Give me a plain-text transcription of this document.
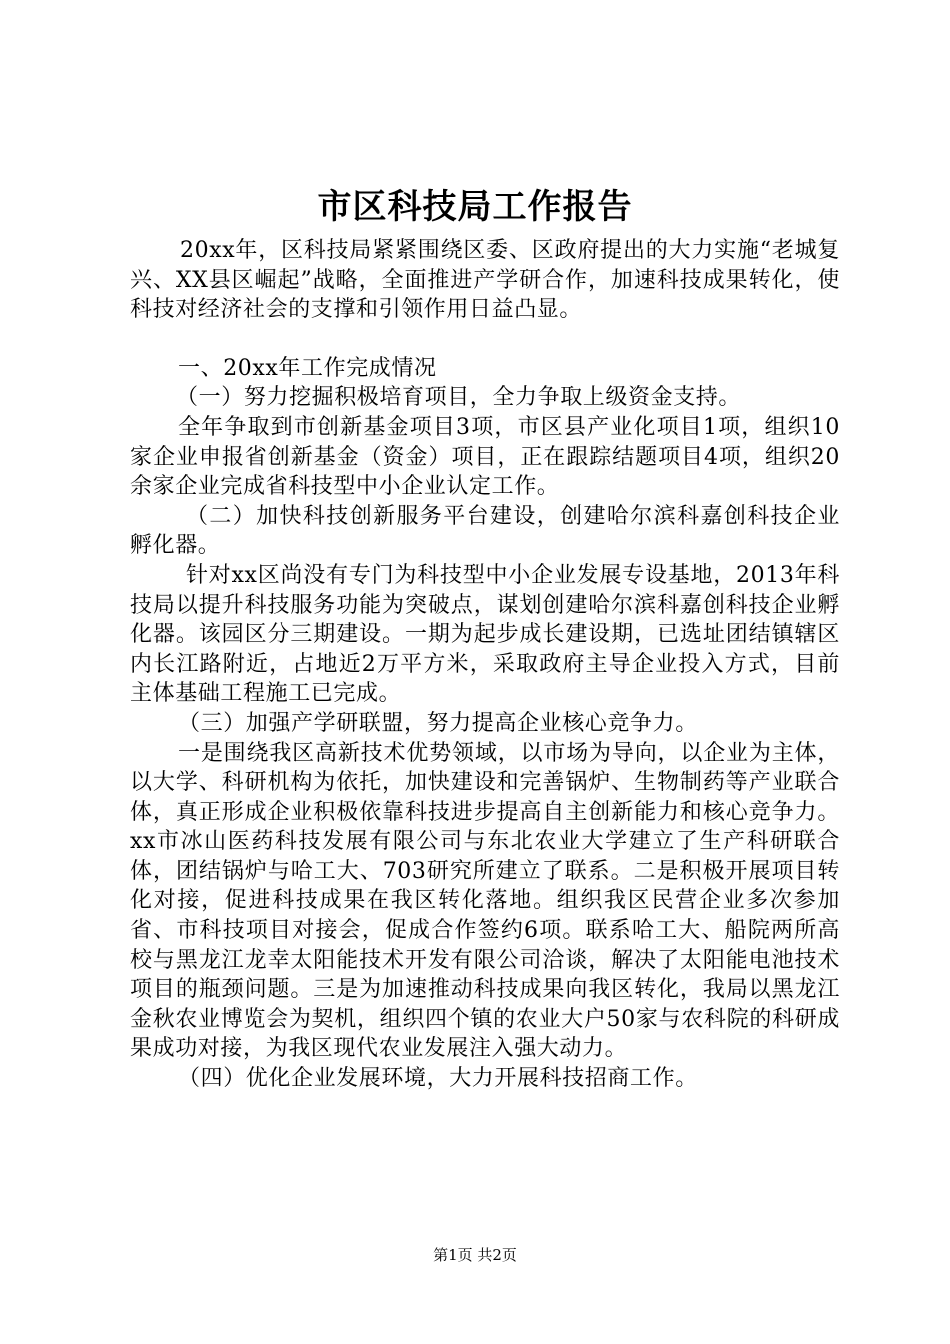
市区科技局工作报告

20xx年，区科技局紧紧围绕区委、区政府提出的大力实施“老城复兴、XX县区崛起”战略，全面推进产学研合作，加速科技成果转化，使科技对经济社会的支撑和引领作用日益凸显。

一、20xx年工作完成情况

（一）努力挖掘积极培育项目，全力争取上级资金支持。

全年争取到市创新基金项目3项，市区县产业化项目1项，组织10家企业申报省创新基金（资金）项目，正在跟踪结题项目4项，组织20余家企业完成省科技型中小企业认定工作。

（二）加快科技创新服务平台建设，创建哈尔滨科嘉创科技企业孵化器。

针对xx区尚没有专门为科技型中小企业发展专设基地，2013年科技局以提升科技服务功能为突破点，谋划创建哈尔滨科嘉创科技企业孵化器。该园区分三期建设。一期为起步成长建设期，已选址团结镇辖区内长江路附近，占地近2万平方米，采取政府主导企业投入方式，目前主体基础工程施工已完成。

（三）加强产学研联盟，努力提高企业核心竞争力。

一是围绕我区高新技术优势领域，以市场为导向，以企业为主体，以大学、科研机构为依托，加快建设和完善锅炉、生物制药等产业联合体，真正形成企业积极依靠科技进步提高自主创新能力和核心竞争力。xx市冰山医药科技发展有限公司与东北农业大学建立了生产科研联合体，团结锅炉与哈工大、703研究所建立了联系。二是积极开展项目转化对接，促进科技成果在我区转化落地。组织我区民营企业多次参加省、市科技项目对接会，促成合作签约6项。联系哈工大、船院两所高校与黑龙江龙幸太阳能技术开发有限公司洽谈，解决了太阳能电池技术项目的瓶颈问题。三是为加速推动科技成果向我区转化，我局以黑龙江金秋农业博览会为契机，组织四个镇的农业大户50家与农科院的科研成果成功对接，为我区现代农业发展注入强大动力。

（四）优化企业发展环境，大力开展科技招商工作。

第1页 共2页
